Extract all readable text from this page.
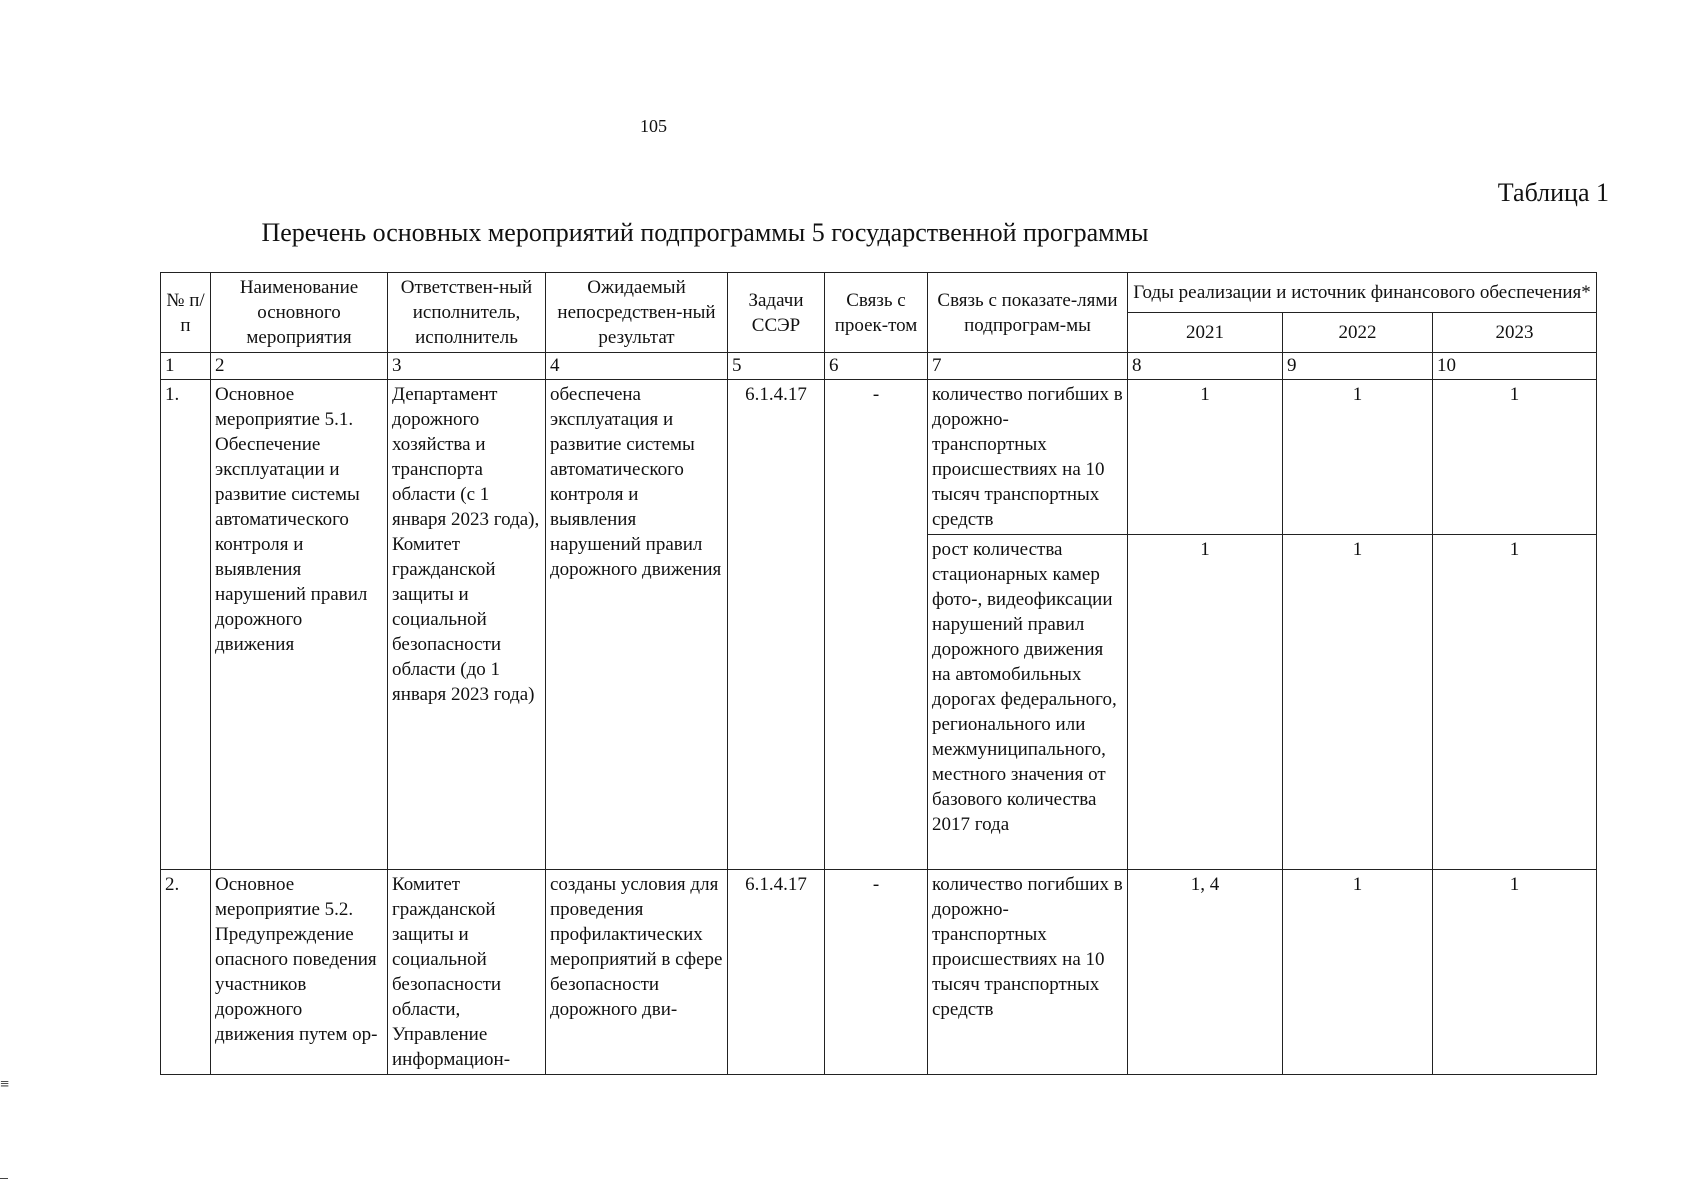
105
Таблица 1
Перечень основных мероприятий подпрограммы 5 государственной программы
№ п/п	Наименование основного мероприятия	Ответствен-ный исполнитель, исполнитель	Ожидаемый непосредствен-ный результат	Задачи ССЭР	Связь с проек-том	Связь с показате-лями подпрограм-мы	Годы реализации и источник финансового обеспечения*		
							2021	2022	2023
1	2	3	4	5	6	7	8	9	10
1.	Основное мероприятие 5.1. Обеспечение эксплуатации и развитие системы автоматического контроля и выявления нарушений правил дорожного движения	Департамент дорожного хозяйства и транспорта области (с 1 января 2023 года), Комитет гражданской защиты и социальной безопасности области (до 1 января 2023 года)	обеспечена эксплуатация и развитие системы автоматического контроля и выявления нарушений правил дорожного движения	6.1.4.17	-	количество погибших в дорожно-транспортных происшествиях на 10 тысяч транспортных средств	1	1	1
						рост количества стационарных камер фото-, видеофиксации нарушений правил дорожного движения на автомобильных дорогах федерального, регионального или межмуниципального, местного значения от базового количества 2017 года	1	1	1
2.	Основное мероприятие 5.2. Предупреждение опасного поведения участников дорожного движения путем ор-	Комитет гражданской защиты и социальной безопасности области, Управление информацион-	созданы условия для проведения профилактических мероприятий в сфере безопасности дорожного дви-	6.1.4.17	-	количество погибших в дорожно-транспортных происшествиях на 10 тысяч транспортных средств	1, 4	1	1
≡
